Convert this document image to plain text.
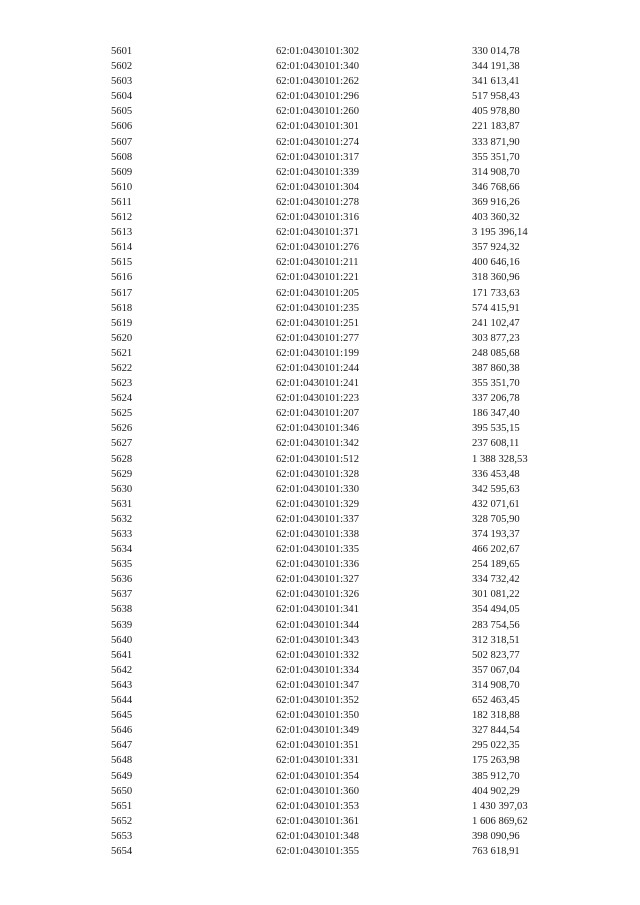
5601	62:01:0430101:302	330 014,78
5602	62:01:0430101:340	344 191,38
5603	62:01:0430101:262	341 613,41
5604	62:01:0430101:296	517 958,43
5605	62:01:0430101:260	405 978,80
5606	62:01:0430101:301	221 183,87
5607	62:01:0430101:274	333 871,90
5608	62:01:0430101:317	355 351,70
5609	62:01:0430101:339	314 908,70
5610	62:01:0430101:304	346 768,66
5611	62:01:0430101:278	369 916,26
5612	62:01:0430101:316	403 360,32
5613	62:01:0430101:371	3 195 396,14
5614	62:01:0430101:276	357 924,32
5615	62:01:0430101:211	400 646,16
5616	62:01:0430101:221	318 360,96
5617	62:01:0430101:205	171 733,63
5618	62:01:0430101:235	574 415,91
5619	62:01:0430101:251	241 102,47
5620	62:01:0430101:277	303 877,23
5621	62:01:0430101:199	248 085,68
5622	62:01:0430101:244	387 860,38
5623	62:01:0430101:241	355 351,70
5624	62:01:0430101:223	337 206,78
5625	62:01:0430101:207	186 347,40
5626	62:01:0430101:346	395 535,15
5627	62:01:0430101:342	237 608,11
5628	62:01:0430101:512	1 388 328,53
5629	62:01:0430101:328	336 453,48
5630	62:01:0430101:330	342 595,63
5631	62:01:0430101:329	432 071,61
5632	62:01:0430101:337	328 705,90
5633	62:01:0430101:338	374 193,37
5634	62:01:0430101:335	466 202,67
5635	62:01:0430101:336	254 189,65
5636	62:01:0430101:327	334 732,42
5637	62:01:0430101:326	301 081,22
5638	62:01:0430101:341	354 494,05
5639	62:01:0430101:344	283 754,56
5640	62:01:0430101:343	312 318,51
5641	62:01:0430101:332	502 823,77
5642	62:01:0430101:334	357 067,04
5643	62:01:0430101:347	314 908,70
5644	62:01:0430101:352	652 463,45
5645	62:01:0430101:350	182 318,88
5646	62:01:0430101:349	327 844,54
5647	62:01:0430101:351	295 022,35
5648	62:01:0430101:331	175 263,98
5649	62:01:0430101:354	385 912,70
5650	62:01:0430101:360	404 902,29
5651	62:01:0430101:353	1 430 397,03
5652	62:01:0430101:361	1 606 869,62
5653	62:01:0430101:348	398 090,96
5654	62:01:0430101:355	763 618,91
